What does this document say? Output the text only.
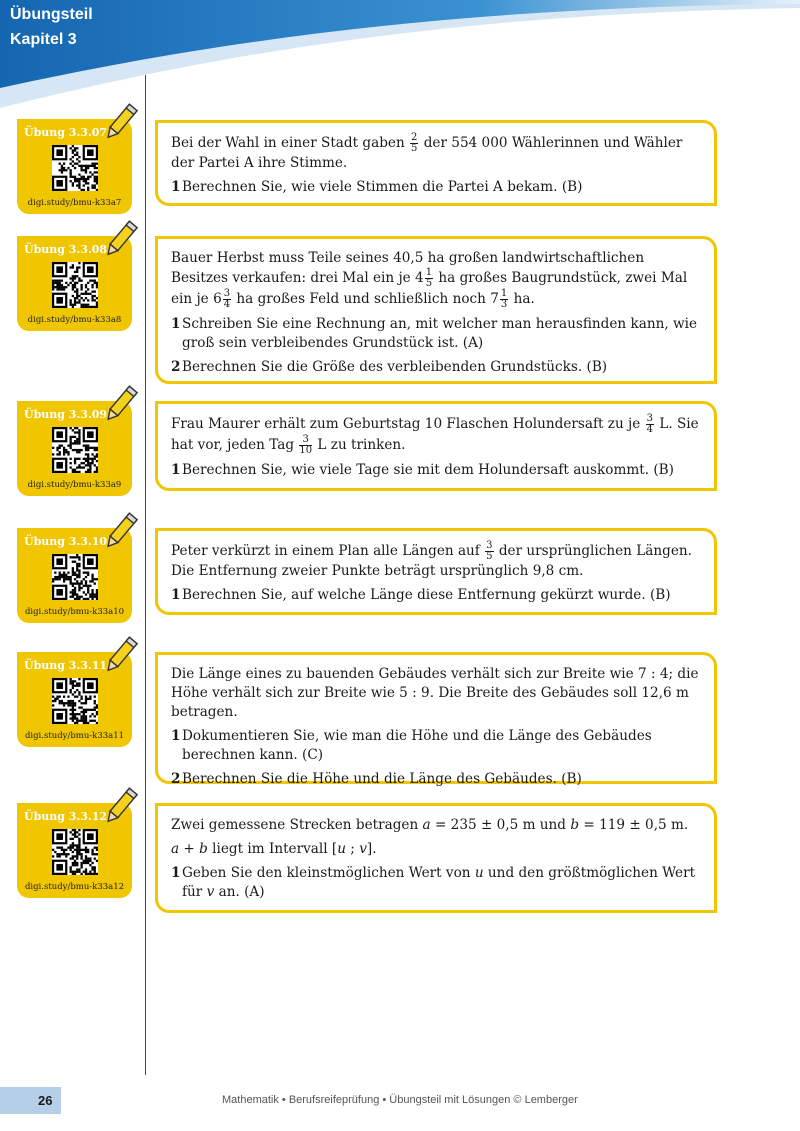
Übungsteil
Kapitel 3
Übung 3.3.07
digi.study/bmu-k33a7
Übung 3.3.08
digi.study/bmu-k33a8
Übung 3.3.09
digi.study/bmu-k33a9
Übung 3.3.10
digi.study/bmu-k33a10
Übung 3.3.11
digi.study/bmu-k33a11
Übung 3.3.12
digi.study/bmu-k33a12

Bei der Wahl in einer Stadt gaben $\frac{2}{5}$ der 554 000 Wählerinnen und Wähler der Partei A ihre Stimme.

1 Berechnen Sie, wie viele Stimmen die Partei A bekam. (B)

Bauer Herbst muss Teile seines 40,5 ha großen landwirtschaftlichen Besitzes verkaufen: drei Mal ein je $4 \frac{1}{5}$ ha großes Baugrundstück, zwei Mal ein je $6 \frac{3}{4}$ ha großes Feld und schließlich noch $7 \frac{1}{3}$ ha.

1 Schreiben Sie eine Rechnung an, mit welcher man herausfinden kann, wie groß sein verbleibendes Grundstück ist. (A)
2 Berechnen Sie die Größe des verbleibenden Grundstücks. (B)

Frau Maurer erhält zum Geburtstag 10 Flaschen Holundersaft zu je $\frac{3}{4} L$. Sie hat vor, jeden Tag $\frac{3}{10}$ L zu trinken.

1 Berechnen Sie, wie viele Tage sie mit dem Holundersaft auskommt. (B)

Peter verkürzt in einem Plan alle Längen auf $\frac{3}{5}$ der ursprünglichen Längen. Die Entfernung zweier Punkte beträgt ursprünglich 9,8 cm.

1 Berechnen Sie, auf welche Länge diese Entfernung gekürzt wurde. (B)

Die Länge eines zu bauenden Gebäudes verhält sich zur Breite wie 7 : 4; die Höhe verhält sich zur Breite wie 5 : 9. Die Breite des Gebäudes soll 12,6 m betragen.

1 Dokumentieren Sie, wie man die Höhe und die Länge des Gebäudes berechnen kann. (C)
2 Berechnen Sie die Höhe und die Länge des Gebäudes. (B)

Zwei gemessene Strecken betragen a = 235 ± 0,5 m und b = 119 ± 0,5 m.

a + b liegt im Intervall [u ; v].

1 Geben Sie den kleinstmöglichen Wert von u und den größtmöglichen Wert für v an. (A)
26	Mathematik • Berufsreifeprüfung • Übungsteil mit Lösungen © Lemberger
